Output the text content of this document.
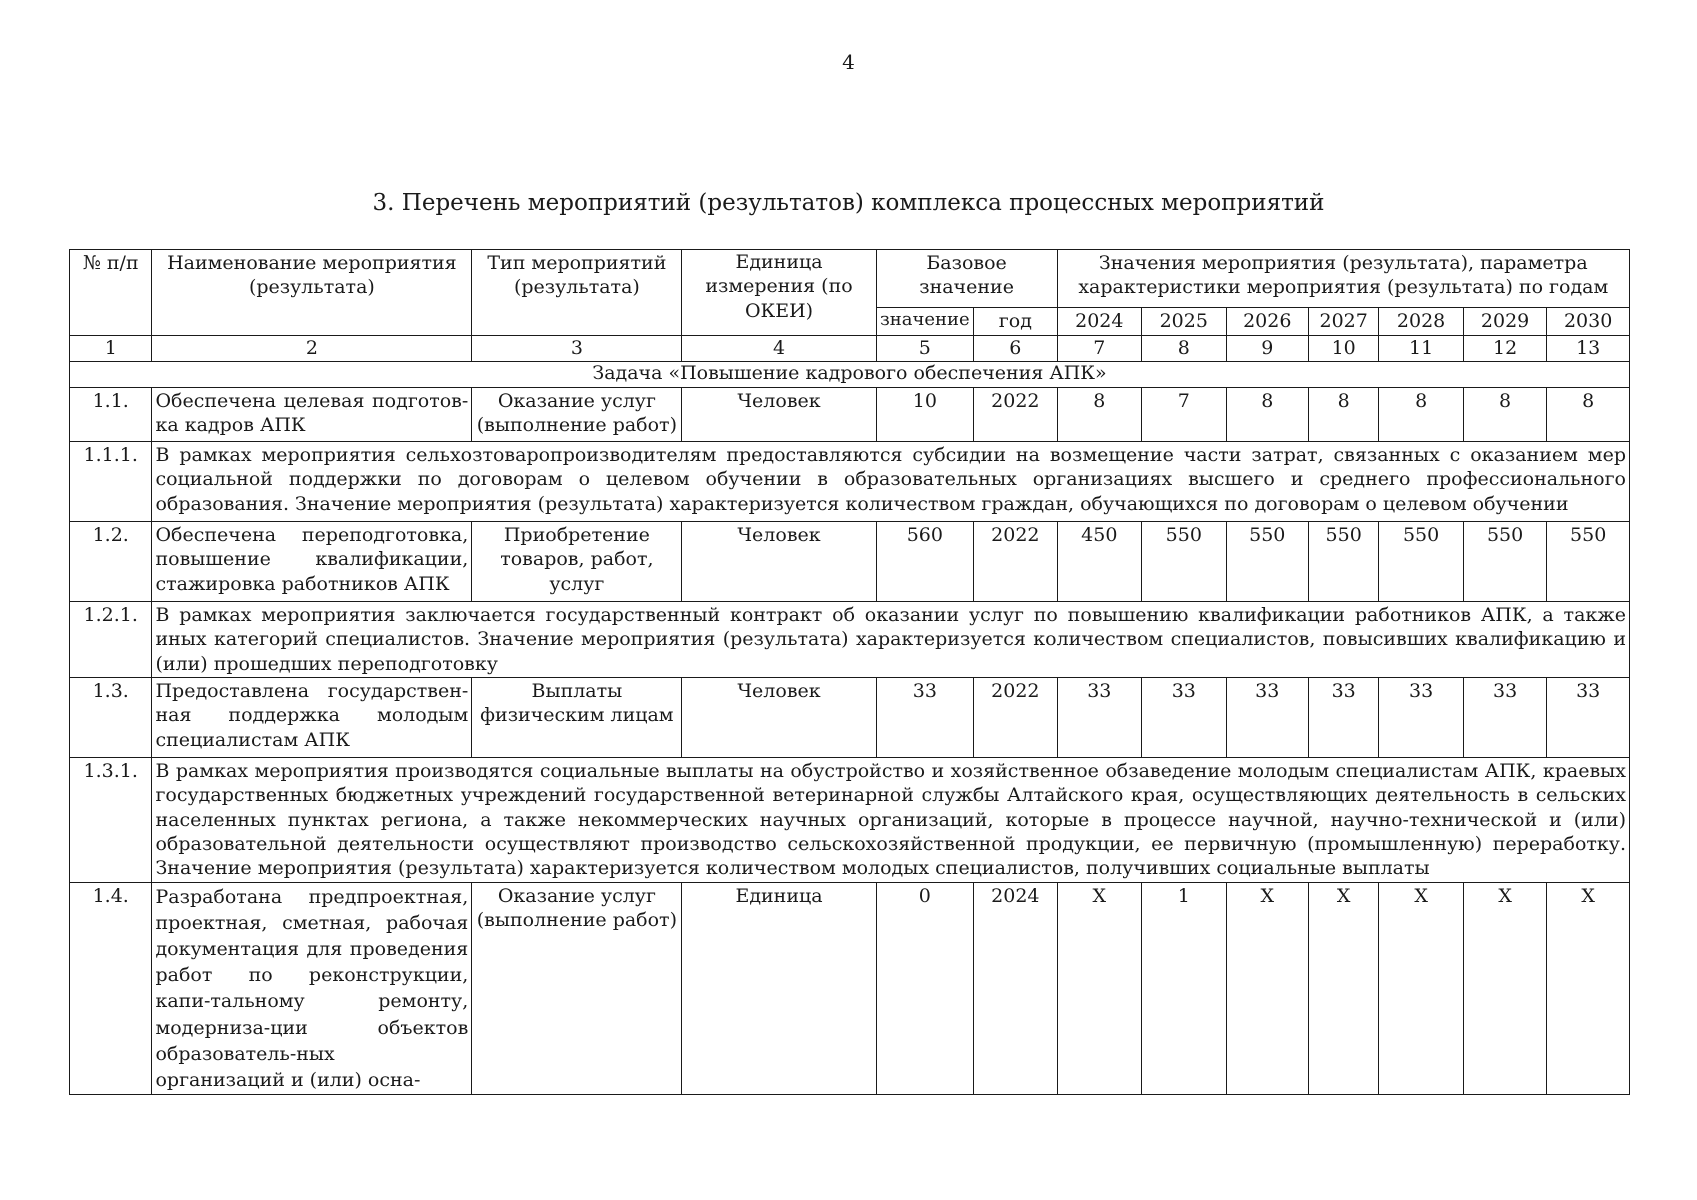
4
3. Перечень мероприятий (результатов) комплекса процессных мероприятий
№ п/п	Наименование мероприятия (результата)	Тип мероприятий (результата)	Единица измерения (по ОКЕИ)	Базовое значение		Значения мероприятия (результата), параметра характеристики мероприятия (результата) по годам						

				значение	год	2024	2025	2026	2027	2028	2029	2030
1	2	3	4	5	6	7	8	9	10	11	12	13
Задача «Повышение кадрового обеспечения АПК»												
1.1.	Обеспечена целевая подготов-ка кадров АПК	Оказание услуг (выполнение работ)	Человек	10	2022	8	7	8	8	8	8	8
1.1.1.	В рамках мероприятия сельхозтоваропроизводителям предоставляются субсидии на возмещение части затрат, связанных с оказанием мер социальной поддержки по договорам о целевом обучении в образовательных организациях высшего и среднего профессионального образования. Значение мероприятия (результата) характеризуется количеством граждан, обучающихся по договорам о целевом обучении											
1.2.	Обеспечена переподготовка, повышение квалификации, стажировка работников АПК	Приобретение товаров, работ, услуг	Человек	560	2022	450	550	550	550	550	550	550
1.2.1.	В рамках мероприятия заключается государственный контракт об оказании услуг по повышению квалификации работников АПК, а также иных категорий специалистов. Значение мероприятия (результата) характеризуется количеством специалистов, повысивших квалификацию и (или) прошедших переподготовку											
1.3.	Предоставлена государствен-ная поддержка молодым специалистам АПК	Выплаты физическим лицам	Человек	33	2022	33	33	33	33	33	33	33
1.3.1.	В рамках мероприятия производятся социальные выплаты на обустройство и хозяйственное обзаведение молодым специалистам АПК, краевых государственных бюджетных учреждений государственной ветеринарной службы Алтайского края, осуществляющих деятельность в сельских населенных пунктах региона, а также некоммерческих научных организаций, которые в процессе научной, научно-технической и (или) образовательной деятельности осуществляют производство сельскохозяйственной продукции, ее первичную (промышленную) переработку. Значение мероприятия (результата) характеризуется количеством молодых специалистов, получивших социальные выплаты											
1.4.	Разработана предпроектная, проектная, сметная, рабочая документация для проведения работ по реконструкции, капи-тальному ремонту, модерниза-ции объектов образователь-ных организаций и (или) осна-	Оказание услуг (выполнение работ)	Единица	0	2024	X	1	X	X	X	X	X
